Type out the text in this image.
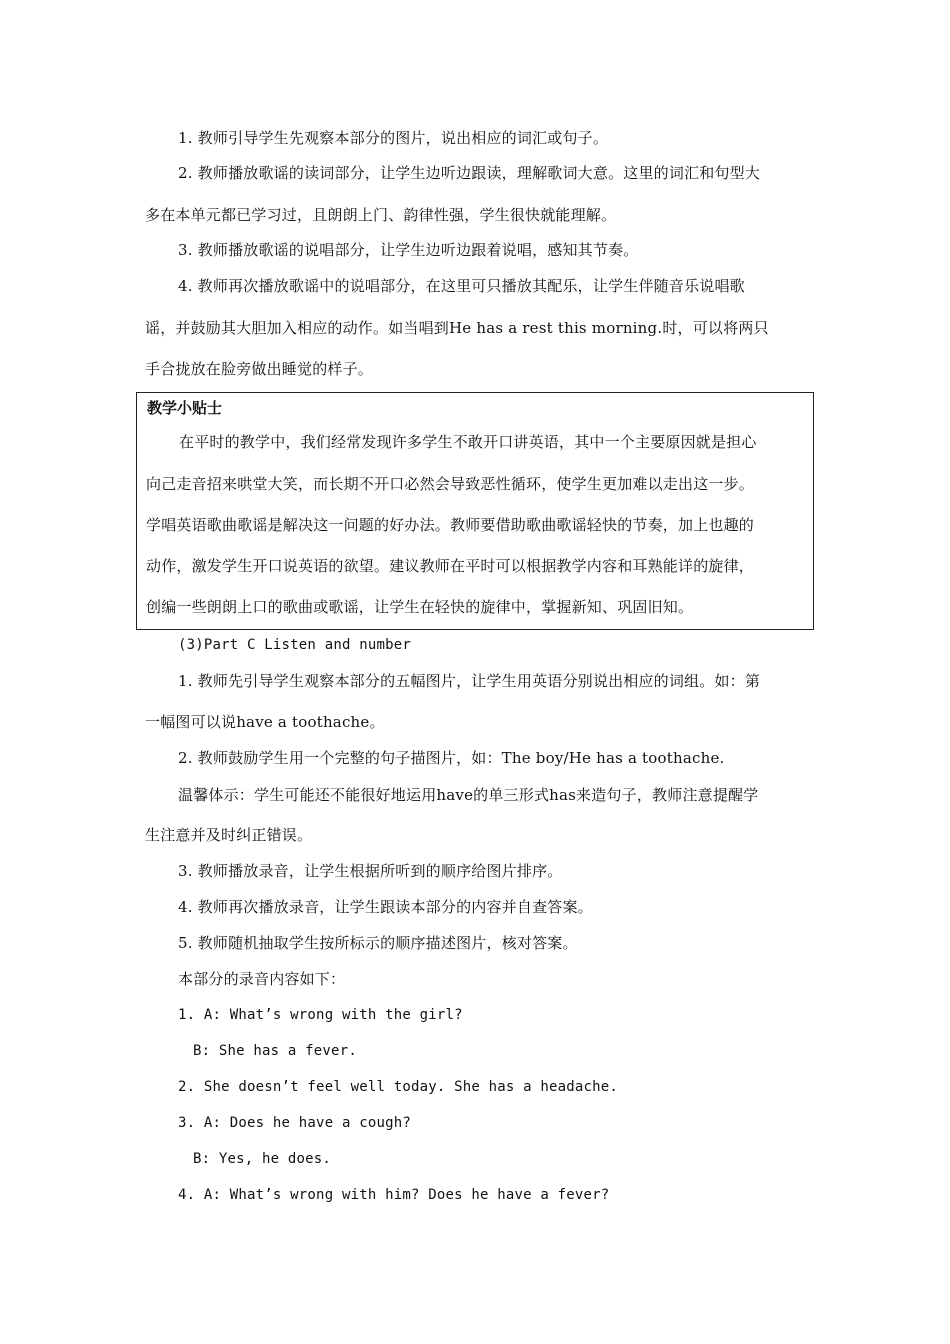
1. 教师引导学生先观察本部分的图片，说出相应的词汇或句子。
2. 教师播放歌谣的读词部分，让学生边听边跟读，理解歌词大意。这里的词汇和句型大
多在本单元都已学习过，且朗朗上门、韵律性强，学生很快就能理解。
3. 教师播放歌谣的说唱部分，让学生边听边跟着说唱，感知其节奏。
4. 教师再次播放歌谣中的说唱部分，在这里可只播放其配乐，让学生伴随音乐说唱歌
谣，并鼓励其大胆加入相应的动作。如当唱到He has a rest this morning.时，可以将两只
手合拢放在脸旁做出睡觉的样子。
教学小贴士
在平时的教学中，我们经常发现许多学生不敢开口讲英语，其中一个主要原因就是担心
向己走音招来哄堂大笑，而长期不开口必然会导致恶性循环，使学生更加难以走出这一步。
学唱英语歌曲歌谣是解决这一问题的好办法。教师要借助歌曲歌谣轻快的节奏，加上也趣的
动作，激发学生开口说英语的欲望。建议教师在平时可以根据教学内容和耳熟能详的旋律，
创编一些朗朗上口的歌曲或歌谣，让学生在轻快的旋律中，掌握新知、巩固旧知。
(3)Part C Listen and number
1. 教师先引导学生观察本部分的五幅图片，让学生用英语分别说出相应的词组。如：第
一幅图可以说have a toothache。
2. 教师鼓励学生用一个完整的句子描图片，如：The boy/He has a toothache.
温馨体示：学生可能还不能很好地运用have的单三形式has来造句子，教师注意提醒学
生注意并及时纠正错误。
3. 教师播放录音，让学生根据所听到的顺序给图片排序。
4. 教师再次播放录音，让学生跟读本部分的内容并自查答案。
5. 教师随机抽取学生按所标示的顺序描述图片，核对答案。
本部分的录音内容如下：
1. A: What’s wrong with the girl?
B: She has a fever.
2. She doesn’t feel well today. She has a headache.
3. A: Does he have a cough?
B: Yes, he does.
4. A: What’s wrong with him? Does he have a fever?
